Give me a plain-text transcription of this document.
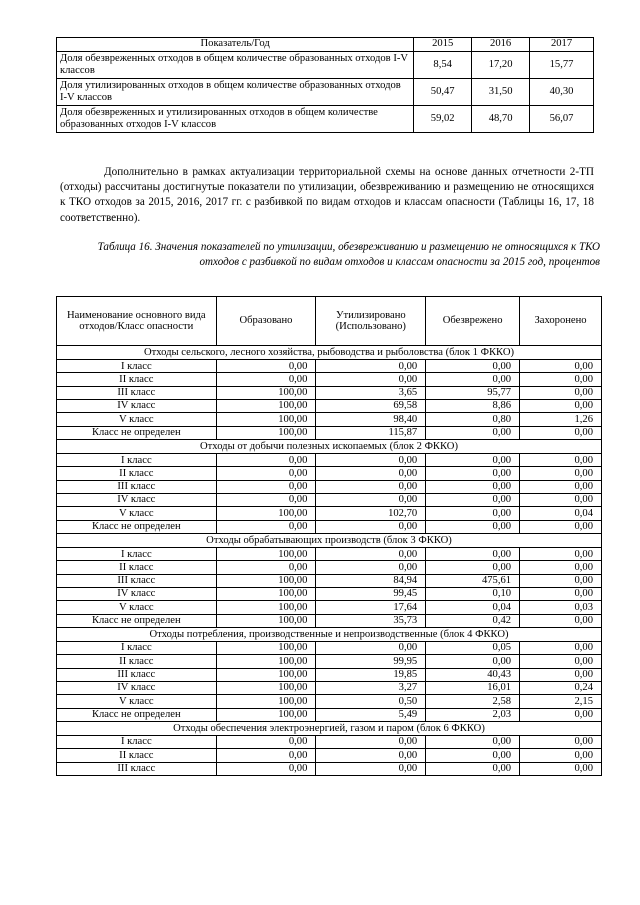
Показатель/Год	2015	2016	2017
Доля обезвреженных отходов в общем количестве образованных отходов I-V классов	8,54	17,20	15,77
Доля утилизированных отходов в общем количестве образованных отходов I-V классов	50,47	31,50	40,30
Доля обезвреженных и утилизированных отходов в общем количестве образованных отходов I-V классов	59,02	48,70	56,07

Дополнительно в рамках актуализации территориальной схемы на основе данных отчетности 2-ТП (отходы) рассчитаны достигнутые показатели по утилизации, обезвреживанию и размещению не относящихся к ТКО отходов за 2015, 2016, 2017 гг. с разбивкой по видам отходов и классам опасности (Таблицы 16, 17, 18 соответственно).

Таблица 16. Значения показателей по утилизации, обезвреживанию и размещению не относящихся к ТКО отходов с разбивкой по видам отходов и классам опасности за 2015 год, процентов

Наименование основного вида отходов/Класс опасности	Образовано	Утилизировано (Использовано)	Обезврежено	Захоронено
Отходы сельского, лесного хозяйства, рыбоводства и рыболовства (блок 1 ФККО)				
I класс	0,00	0,00	0,00	0,00
II класс	0,00	0,00	0,00	0,00
III класс	100,00	3,65	95,77	0,00
IV класс	100,00	69,58	8,86	0,00
V класс	100,00	98,40	0,80	1,26
Класс не определен	100,00	115,87	0,00	0,00
Отходы от добычи полезных ископаемых (блок 2 ФККО)				
I класс	0,00	0,00	0,00	0,00
II класс	0,00	0,00	0,00	0,00
III класс	0,00	0,00	0,00	0,00
IV класс	0,00	0,00	0,00	0,00
V класс	100,00	102,70	0,00	0,04
Класс не определен	0,00	0,00	0,00	0,00
Отходы обрабатывающих производств (блок 3 ФККО)				
I класс	100,00	0,00	0,00	0,00
II класс	0,00	0,00	0,00	0,00
III класс	100,00	84,94	475,61	0,00
IV класс	100,00	99,45	0,10	0,00
V класс	100,00	17,64	0,04	0,03
Класс не определен	100,00	35,73	0,42	0,00
Отходы потребления, производственные и непроизводственные (блок 4 ФККО)				
I класс	100,00	0,00	0,05	0,00
II класс	100,00	99,95	0,00	0,00
III класс	100,00	19,85	40,43	0,00
IV класс	100,00	3,27	16,01	0,24
V класс	100,00	0,50	2,58	2,15
Класс не определен	100,00	5,49	2,03	0,00
Отходы обеспечения электроэнергией, газом и паром (блок 6 ФККО)				
I класс	0,00	0,00	0,00	0,00
II класс	0,00	0,00	0,00	0,00
III класс	0,00	0,00	0,00	0,00
